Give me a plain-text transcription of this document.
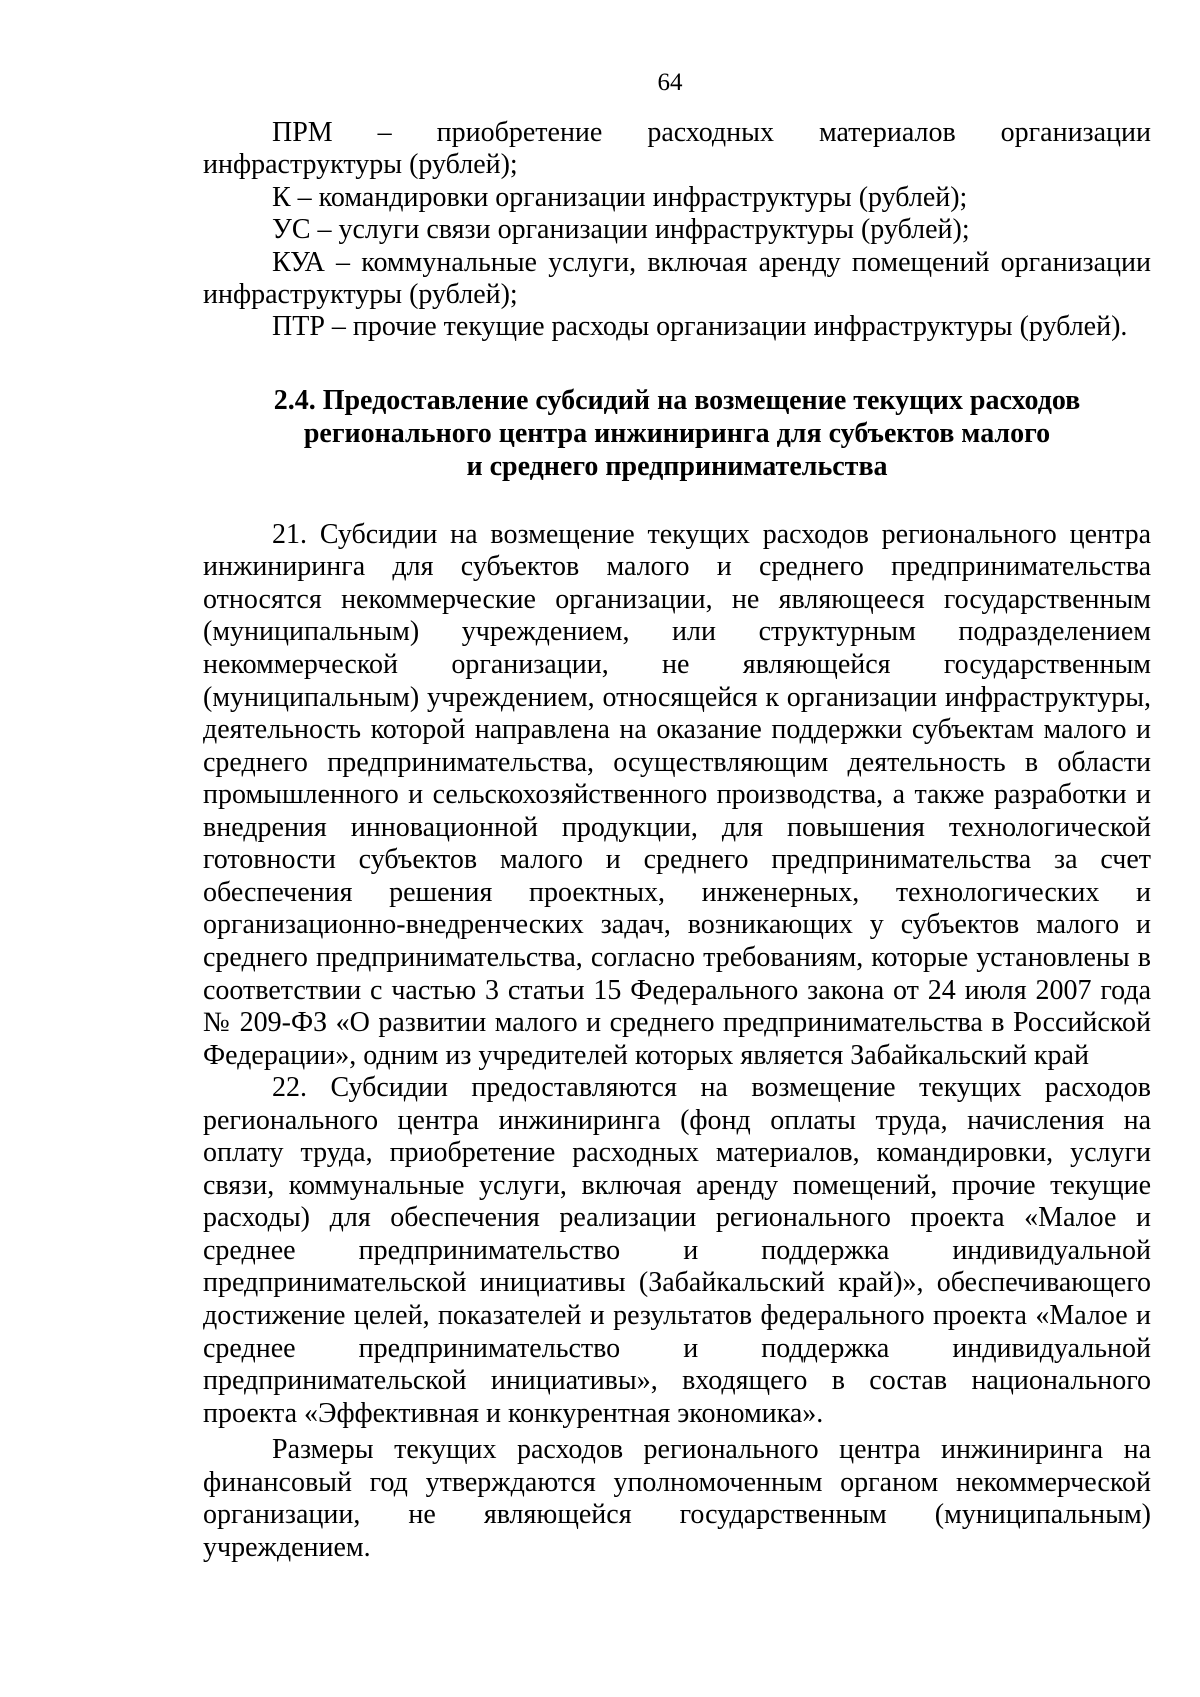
64

ПРМ – приобретение расходных материалов организации инфраструктуры (рублей);

К – командировки организации инфраструктуры (рублей);

УС – услуги связи организации инфраструктуры (рублей);

КУА – коммунальные услуги, включая аренду помещений организации инфраструктуры (рублей);

ПТР – прочие текущие расходы организации инфраструктуры (рублей).

2.4. Предоставление субсидий на возмещение текущих расходов
регионального центра инжиниринга для субъектов малого
и среднего предпринимательства

21. Субсидии на возмещение текущих расходов регионального центра инжиниринга для субъектов малого и среднего предпринимательства относятся некоммерческие организации, не являющееся государственным (муниципальным) учреждением, или структурным подразделением некоммерческой организации, не являющейся государственным (муниципальным) учреждением, относящейся к организации инфраструктуры, деятельность которой направлена на оказание поддержки субъектам малого и среднего предпринимательства, осуществляющим деятельность в области промышленного и сельскохозяйственного производства, а также разработки и внедрения инновационной продукции, для повышения технологической готовности субъектов малого и среднего предпринимательства за счет обеспечения решения проектных, инженерных, технологических и организационно-внедренческих задач, возникающих у субъектов малого и среднего предпринимательства, согласно требованиям, которые установлены в соответствии с частью 3 статьи 15 Федерального закона от 24 июля 2007 года № 209-ФЗ «О развитии малого и среднего предпринимательства в Российской Федерации», одним из учредителей которых является Забайкальский край

22. Субсидии предоставляются на возмещение текущих расходов регионального центра инжиниринга (фонд оплаты труда, начисления на оплату труда, приобретение расходных материалов, командировки, услуги связи, коммунальные услуги, включая аренду помещений, прочие текущие расходы) для обеспечения реализации регионального проекта «Малое и среднее предпринимательство и поддержка индивидуальной предпринимательской инициативы (Забайкальский край)», обеспечивающего достижение целей, показателей и результатов федерального проекта «Малое и среднее предпринимательство и поддержка индивидуальной предпринимательской инициативы», входящего в состав национального проекта «Эффективная и конкурентная экономика».

Размеры текущих расходов регионального центра инжиниринга на финансовый год утверждаются уполномоченным органом некоммерческой организации, не являющейся государственным (муниципальным) учреждением.
